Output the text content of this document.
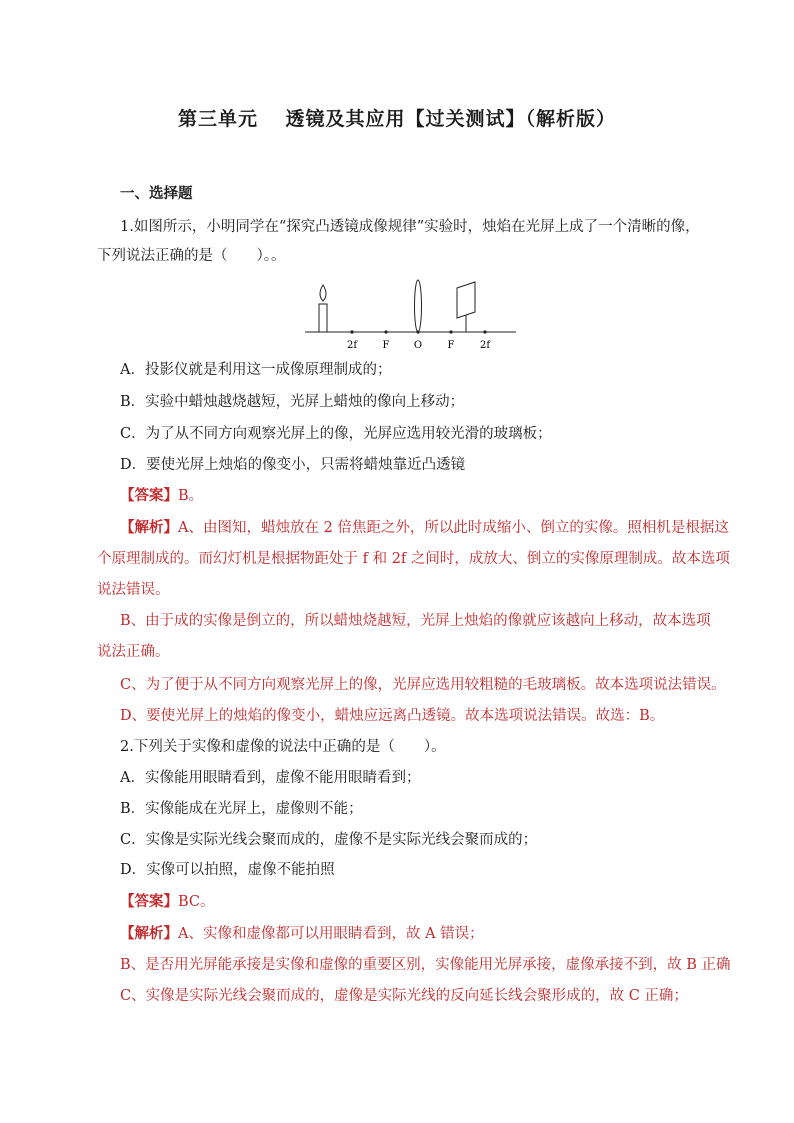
第三单元　 透镜及其应用【过关测试】（解析版）
一、选择题
1.如图所示，小明同学在“探究凸透镜成像规律”实验时，烛焰在光屏上成了一个清晰的像，
下列说法正确的是（　　）。。
2f	F O	F	2f
A．投影仪就是利用这一成像原理制成的；
B．实验中蜡烛越烧越短，光屏上蜡烛的像向上移动；
C．为了从不同方向观察光屏上的像，光屏应选用较光滑的玻璃板；
D．要使光屏上烛焰的像变小，只需将蜡烛靠近凸透镜
【答案】B。
【解析】A、由图知，蜡烛放在 2 倍焦距之外，所以此时成缩小、倒立的实像。照相机是根据这
个原理制成的。而幻灯机是根据物距处于 f 和 2f 之间时，成放大、倒立的实像原理制成。故本选项
说法错误。
B、由于成的实像是倒立的，所以蜡烛烧越短，光屏上烛焰的像就应该越向上移动，故本选项
说法正确。
C、为了便于从不同方向观察光屏上的像，光屏应选用较粗糙的毛玻璃板。故本选项说法错误。
D、要使光屏上的烛焰的像变小，蜡烛应远离凸透镜。故本选项说法错误。故选：B。
2.下列关于实像和虚像的说法中正确的是（　　）。
A．实像能用眼睛看到，虚像不能用眼睛看到；
B．实像能成在光屏上，虚像则不能；
C．实像是实际光线会聚而成的，虚像不是实际光线会聚而成的；
D．实像可以拍照，虚像不能拍照
【答案】BC。
【解析】A、实像和虚像都可以用眼睛看到，故 A 错误；
B、是否用光屏能承接是实像和虚像的重要区别，实像能用光屏承接，虚像承接不到，故 B 正确
C、实像是实际光线会聚而成的，虚像是实际光线的反向延长线会聚形成的，故 C 正确；
